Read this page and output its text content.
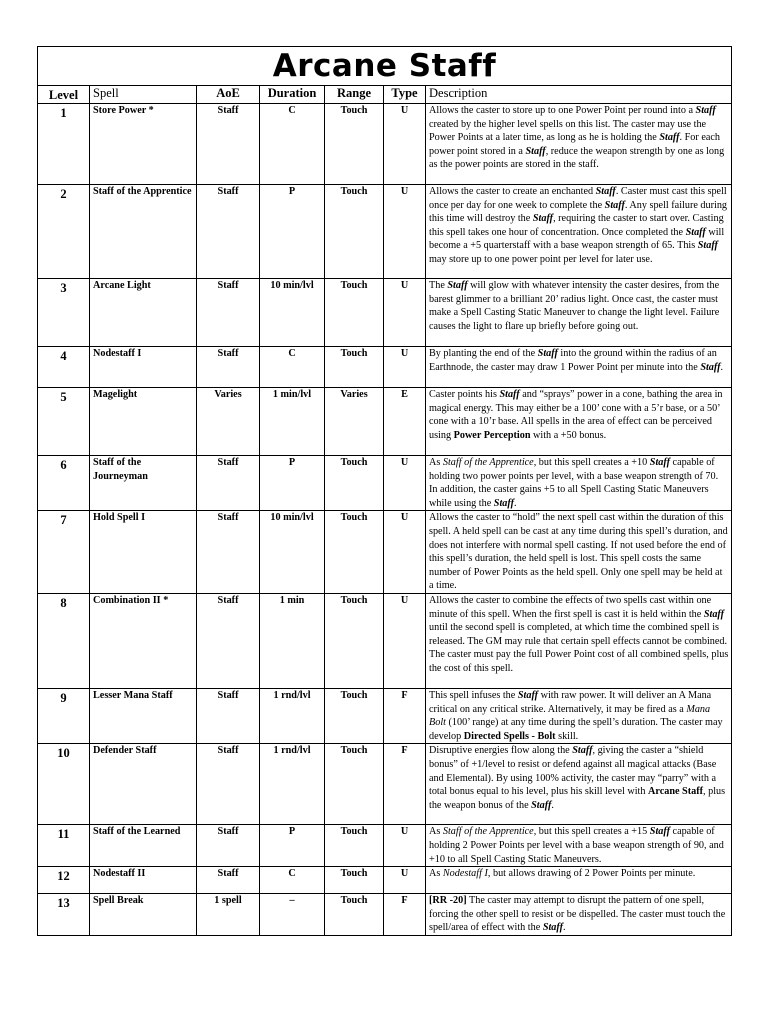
Arcane Staff						
Level	Spell	AoE	Duration	Range	Type	Description
1	Store Power *	Staff	C	Touch	U	Allows the caster to store up to one Power Point per round into a Staff created by the higher level spells on this list. The caster may use the Power Points at a later time, as long as he is holding the Staff. For each power point stored in a Staff, reduce the weapon strength by one as long as the power points are stored in the staff.
2	Staff of the Apprentice	Staff	P	Touch	U	Allows the caster to create an enchanted Staff. Caster must cast this spell once per day for one week to complete the Staff. Any spell failure during this time will destroy the Staff, requiring the caster to start over. Casting this spell takes one hour of concentration. Once completed the Staff will become a +5 quarterstaff with a base weapon strength of 65. This Staff may store up to one power point per level for later use.
3	Arcane Light	Staff	10 min/lvl	Touch	U	The Staff will glow with whatever intensity the caster desires, from the barest glimmer to a brilliant 20’ radius light. Once cast, the caster must make a Spell Casting Static Maneuver to change the light level. Failure causes the light to flare up briefly before going out.
4	Nodestaff I	Staff	C	Touch	U	By planting the end of the Staff into the ground within the radius of an Earthnode, the caster may draw 1 Power Point per minute into the Staff.
5	Magelight	Varies	1 min/lvl	Varies	E	Caster points his Staff and “sprays” power in a cone, bathing the area in magical energy. This may either be a 100’ cone with a 5’r base, or a 50’ cone with a 10’r base. All spells in the area of effect can be perceived using Power Perception with a +50 bonus.
6	Staff of the Journeyman	Staff	P	Touch	U	As Staff of the Apprentice, but this spell creates a +10 Staff capable of holding two power points per level, with a base weapon strength of 70. In addition, the caster gains +5 to all Spell Casting Static Maneuvers while using the Staff.
7	Hold Spell I	Staff	10 min/lvl	Touch	U	Allows the caster to “hold” the next spell cast within the duration of this spell. A held spell can be cast at any time during this spell’s duration, and does not interfere with normal spell casting. If not used before the end of this spell’s duration, the held spell is lost. This spell costs the same number of Power Points as the held spell. Only one spell may be held at a time.
8	Combination II *	Staff	1 min	Touch	U	Allows the caster to combine the effects of two spells cast within one minute of this spell. When the first spell is cast it is held within the Staff until the second spell is completed, at which time the combined spell is released. The GM may rule that certain spell effects cannot be combined. The caster must pay the full Power Point cost of all combined spells, plus the cost of this spell.
9	Lesser Mana Staff	Staff	1 rnd/lvl	Touch	F	This spell infuses the Staff with raw power. It will deliver an A Mana critical on any critical strike. Alternatively, it may be fired as a Mana Bolt (100’ range) at any time during the spell’s duration. The caster may develop Directed Spells - Bolt skill.
10	Defender Staff	Staff	1 rnd/lvl	Touch	F	Disruptive energies flow along the Staff, giving the caster a “shield bonus” of +1/level to resist or defend against all magical attacks (Base and Elemental). By using 100% activity, the caster may “parry” with a total bonus equal to his level, plus his skill level with Arcane Staff, plus the weapon bonus of the Staff.
11	Staff of the Learned	Staff	P	Touch	U	As Staff of the Apprentice, but this spell creates a +15 Staff capable of holding 2 Power Points per level with a base weapon strength of 90, and +10 to all Spell Casting Static Maneuvers.
12	Nodestaff II	Staff	C	Touch	U	As Nodestaff I, but allows drawing of 2 Power Points per minute.
13	Spell Break	1 spell	–	Touch	F	[RR -20] The caster may attempt to disrupt the pattern of one spell, forcing the other spell to resist or be dispelled. The caster must touch the spell/area of effect with the Staff.
